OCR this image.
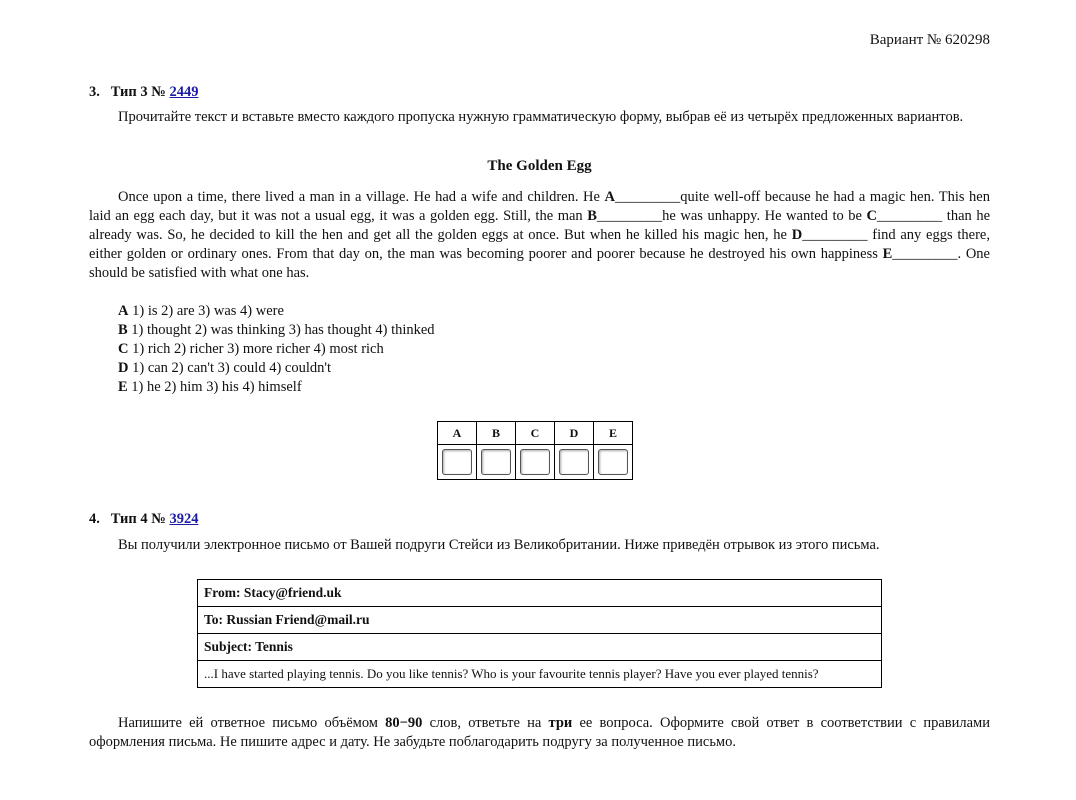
Вариант № 620298
3. Тип 3 № 2449
Прочитайте текст и вставьте вместо каждого пропуска нужную грамматическую форму, выбрав её из четырёх предложенных вариантов.
The Golden Egg
Once upon a time, there lived a man in a village. He had a wife and children. He A_________quite well-off because he had a magic hen. This hen laid an egg each day, but it was not a usual egg, it was a golden egg. Still, the man B_________he was unhappy. He wanted to be C_________ than he already was. So, he decided to kill the hen and get all the golden eggs at once. But when he killed his magic hen, he D_________ find any eggs there, either golden or ordinary ones. From that day on, the man was becoming poorer and poorer because he destroyed his own happiness E_________. One should be satisfied with what one has.
A 1) is 2) are 3) was 4) were
B 1) thought 2) was thinking 3) has thought 4) thinked
C 1) rich 2) richer 3) more richer 4) most rich
D 1) can 2) can't 3) could 4) couldn't
E 1) he 2) him 3) his 4) himself
A	B	C	D	E

4. Тип 4 № 3924
Вы получили электронное письмо от Вашей подруги Стейси из Великобритании. Ниже приведён отрывок из этого письма.
From: Stacy@friend.uk
To: Russian Friend@mail.ru
Subject: Tennis
...I have started playing tennis. Do you like tennis? Who is your favourite tennis player? Have you ever played tennis?
Напишите ей ответное письмо объёмом 80−90 слов, ответьте на три ее вопроса. Оформите свой ответ в соответствии с правилами оформления письма. Не пишите адрес и дату. Не забудьте поблагодарить подругу за полученное письмо.
